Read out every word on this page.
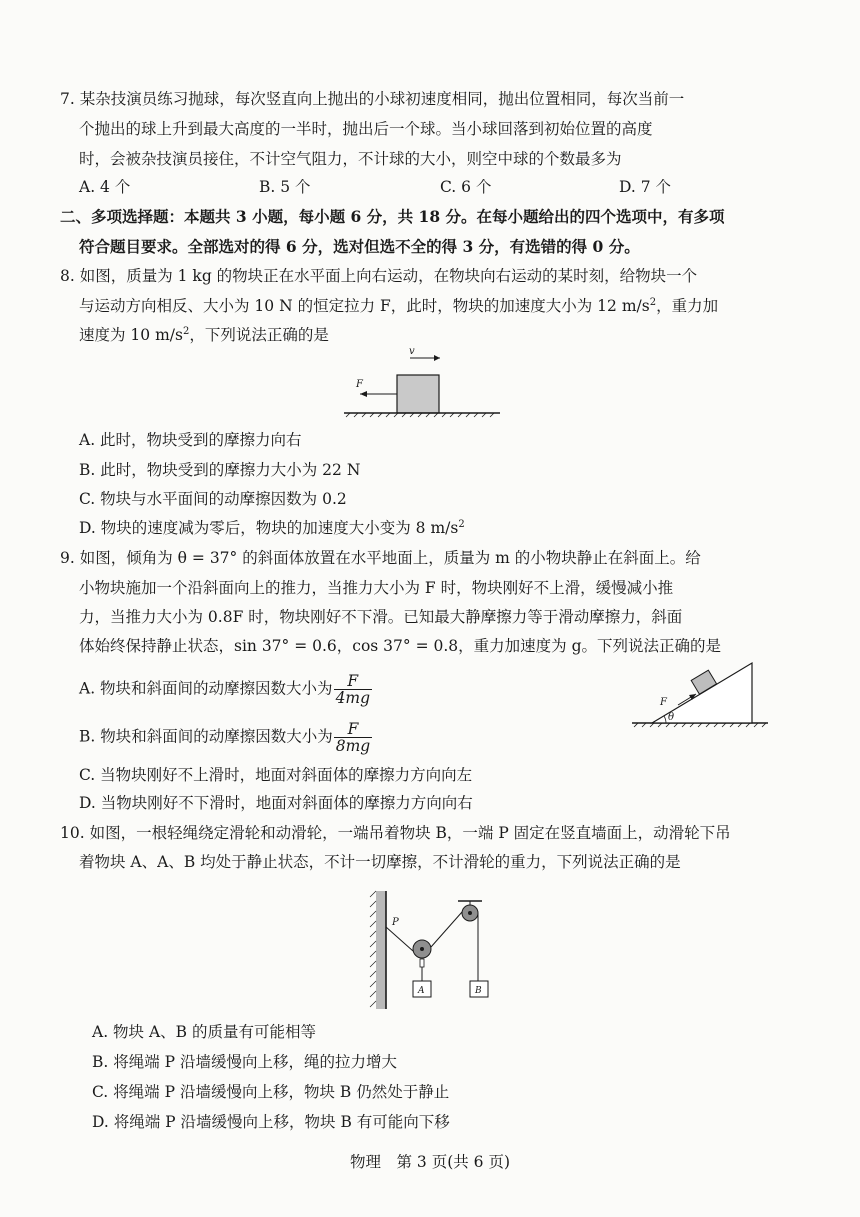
7. 某杂技演员练习抛球，每次竖直向上抛出的小球初速度相同，抛出位置相同，每次当前一
个抛出的球上升到最大高度的一半时，抛出后一个球。当小球回落到初始位置的高度
时，会被杂技演员接住，不计空气阻力，不计球的大小，则空中球的个数最多为
A. 4 个	B. 5 个	C. 6 个	D. 7 个
二、多项选择题：本题共 3 小题，每小题 6 分，共 18 分。在每小题给出的四个选项中，有多项
符合题目要求。全部选对的得 6 分，选对但选不全的得 3 分，有选错的得 0 分。
8. 如图，质量为 1 kg 的物块正在水平面上向右运动，在物块向右运动的某时刻，给物块一个
与运动方向相反、大小为 10 N 的恒定拉力 F，此时，物块的加速度大小为 12 $m/s^2$，重力加
速度为 10 $m/s^2$，下列说法正确的是
v
F
A. 此时，物块受到的摩擦力向右
B. 此时，物块受到的摩擦力大小为 22 N
C. 物块与水平面间的动摩擦因数为 0.2
D. 物块的速度减为零后，物块的加速度大小变为 8 $m/s^2$
9. 如图，倾角为 θ = 37° 的斜面体放置在水平地面上，质量为 m 的小物块静止在斜面上。给
小物块施加一个沿斜面向上的推力，当推力大小为 F 时，物块刚好不上滑，缓慢减小推
力，当推力大小为 0.8F 时，物块刚好不下滑。已知最大静摩擦力等于滑动摩擦力，斜面
体始终保持静止状态，sin 37° = 0.6，cos 37° = 0.8，重力加速度为 g。下列说法正确的是
A. 物块和斜面间的动摩擦因数大小为 $\frac{F}{4mg}$
B. 物块和斜面间的动摩擦因数大小为 $\frac{F}{8mg}$
C. 当物块刚好不上滑时，地面对斜面体的摩擦力方向向左
D. 当物块刚好不下滑时，地面对斜面体的摩擦力方向向右
F
θ
10. 如图，一根轻绳绕定滑轮和动滑轮，一端吊着物块 B，一端 P 固定在竖直墙面上，动滑轮下吊
着物块 A、A、B 均处于静止状态，不计一切摩擦，不计滑轮的重力，下列说法正确的是
P
A	B
A. 物块 A、B 的质量有可能相等
B. 将绳端 P 沿墙缓慢向上移，绳的拉力增大
C. 将绳端 P 沿墙缓慢向上移，物块 B 仍然处于静止
D. 将绳端 P 沿墙缓慢向上移，物块 B 有可能向下移
物理　第 3 页(共 6 页)
